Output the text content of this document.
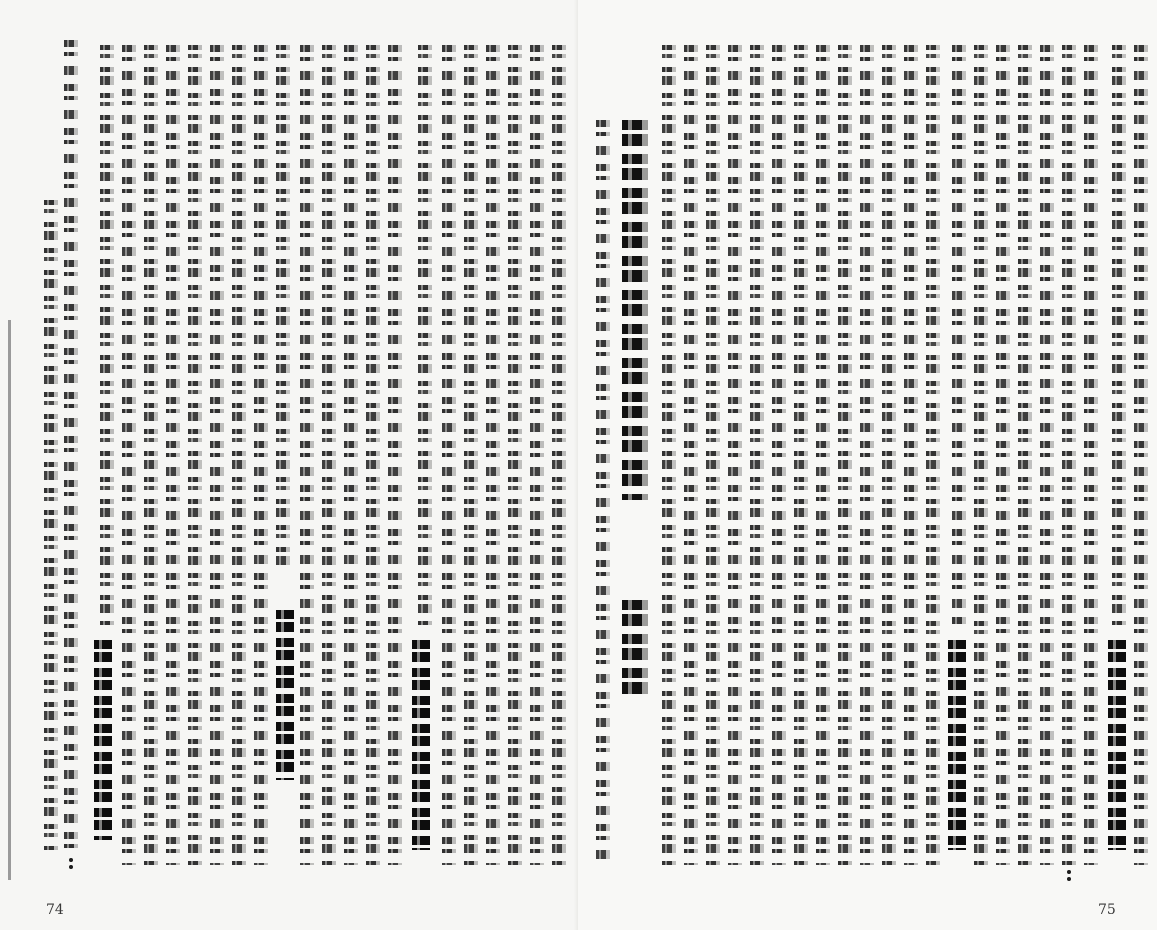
74	75
